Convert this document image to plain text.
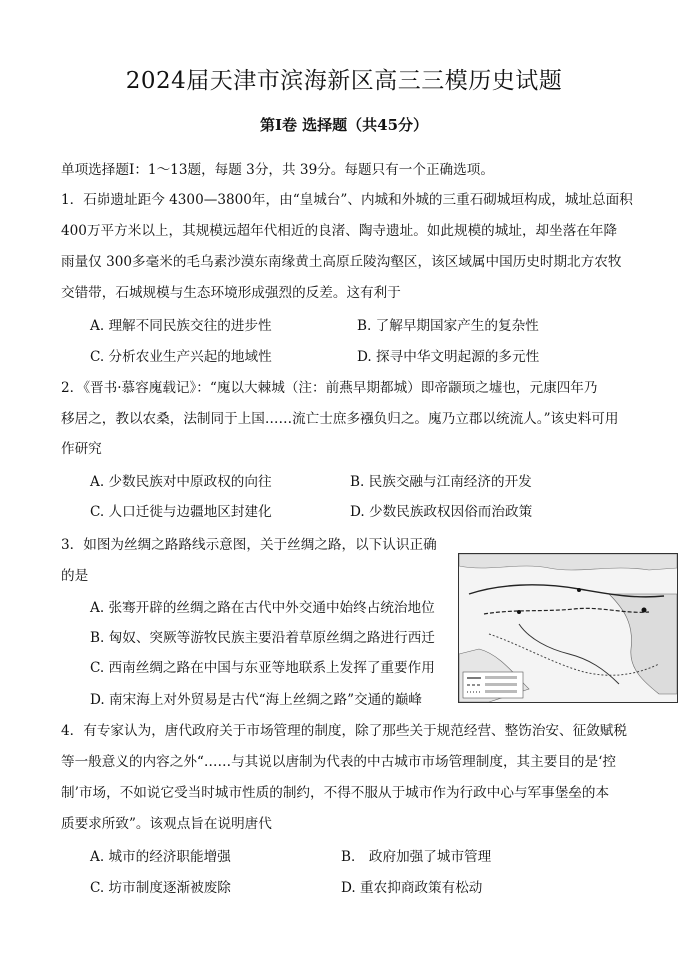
2024届天津市滨海新区高三三模历史试题
第Ⅰ卷 选择题（共45分）
单项选择题Ⅰ：1～13题，每题 3分，共 39分。每题只有一个正确选项。
1．石峁遗址距今 4300—3800年，由“皇城台”、内城和外城的三重石砌城垣构成，城址总面积
400万平方米以上，其规模远超年代相近的良渚、陶寺遗址。如此规模的城址，却坐落在年降
雨量仅 300多毫米的毛乌素沙漠东南缘黄土高原丘陵沟壑区，该区域属中国历史时期北方农牧
交错带，石城规模与生态环境形成强烈的反差。这有利于
A. 理解不同民族交往的进步性	B. 了解早期国家产生的复杂性
C. 分析农业生产兴起的地域性	D. 探寻中华文明起源的多元性
2．《晋书·慕容廆载记》：“廆以大棘城（注：前燕早期都城）即帝颛顼之墟也，元康四年乃
移居之，教以农桑，法制同于上国……流亡士庶多襁负归之。廆乃立郡以统流人。”该史料可用
作研究
A. 少数民族对中原政权的向往	B. 民族交融与江南经济的开发
C. 人口迁徙与边疆地区封建化	D. 少数民族政权因俗而治政策
3．如图为丝绸之路路线示意图，关于丝绸之路，以下认识正确
的是
A. 张骞开辟的丝绸之路在古代中外交通中始终占统治地位
B. 匈奴、突厥等游牧民族主要沿着草原丝绸之路进行西迁
C. 西南丝绸之路在中国与东亚等地联系上发挥了重要作用
D. 南宋海上对外贸易是古代“海上丝绸之路”交通的巅峰
4．有专家认为，唐代政府关于市场管理的制度，除了那些关于规范经营、整饬治安、征敛赋税
等一般意义的内容之外“……与其说以唐制为代表的中古城市市场管理制度，其主要目的是‘控
制’市场，不如说它受当时城市性质的制约，不得不服从于城市作为行政中心与军事堡垒的本
质要求所致”。该观点旨在说明唐代
A. 城市的经济职能增强	B． 政府加强了城市管理
C. 坊市制度逐渐被废除	D. 重农抑商政策有松动
